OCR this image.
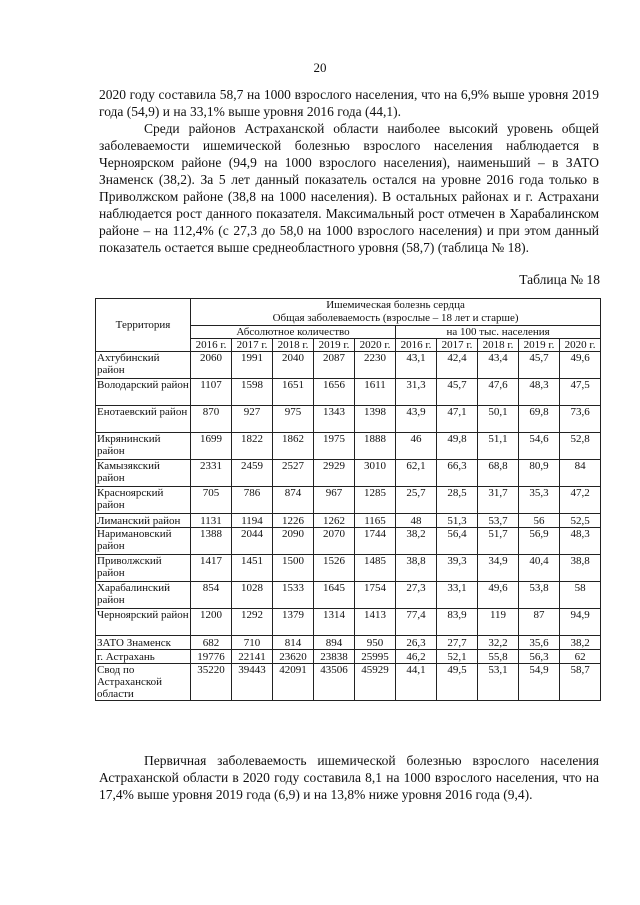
20

2020 году составила 58,7 на 1000 взрослого населения, что на 6,9% выше уровня 2019 года (54,9) и на 33,1% выше уровня 2016 года (44,1).

Среди районов Астраханской области наиболее высокий уровень общей заболеваемости ишемической болезнью взрослого населения наблюдается в Черноярском районе (94,9 на 1000 взрослого населения), наименьший – в ЗАТО Знаменск (38,2). За 5 лет данный показатель остался на уровне 2016 года только в Приволжском районе (38,8 на 1000 населения). В остальных районах и г. Астрахани наблюдается рост данного показателя. Максимальный рост отмечен в Харабалинском районе – на 112,4% (с 27,3 до 58,0 на 1000 взрослого населения) и при этом данный показатель остается выше среднеобластного уровня (58,7) (таблица № 18).

Таблица № 18
Территория	Ишемическая болезнь сердца
Общая заболеваемость (взрослые – 18 лет и старше)									

	Абсолютное количество					на 100 тыс. населения				
	2016 г.	2017 г.	2018 г.	2019 г.	2020 г.	2016 г.	2017 г.	2018 г.	2019 г.	2020 г.
Ахтубинский район	2060	1991	2040	2087	2230	43,1	42,4	43,4	45,7	49,6
Володарский район	1107	1598	1651	1656	1611	31,3	45,7	47,6	48,3	47,5
Енотаевский район	870	927	975	1343	1398	43,9	47,1	50,1	69,8	73,6
Икрянинский район	1699	1822	1862	1975	1888	46	49,8	51,1	54,6	52,8
Камызякский район	2331	2459	2527	2929	3010	62,1	66,3	68,8	80,9	84
Красноярский район	705	786	874	967	1285	25,7	28,5	31,7	35,3	47,2
Лиманский район	1131	1194	1226	1262	1165	48	51,3	53,7	56	52,5
Наримановский район	1388	2044	2090	2070	1744	38,2	56,4	51,7	56,9	48,3
Приволжский район	1417	1451	1500	1526	1485	38,8	39,3	34,9	40,4	38,8
Харабалинский район	854	1028	1533	1645	1754	27,3	33,1	49,6	53,8	58
Черноярский район	1200	1292	1379	1314	1413	77,4	83,9	119	87	94,9
ЗАТО Знаменск	682	710	814	894	950	26,3	27,7	32,2	35,6	38,2
г. Астрахань	19776	22141	23620	23838	25995	46,2	52,1	55,8	56,3	62
Свод по Астраханской области	35220	39443	42091	43506	45929	44,1	49,5	53,1	54,9	58,7

Первичная заболеваемость ишемической болезнью взрослого населения Астраханской области в 2020 году составила 8,1 на 1000 взрослого населения, что на 17,4% выше уровня 2019 года (6,9) и на 13,8% ниже уровня 2016 года (9,4).
